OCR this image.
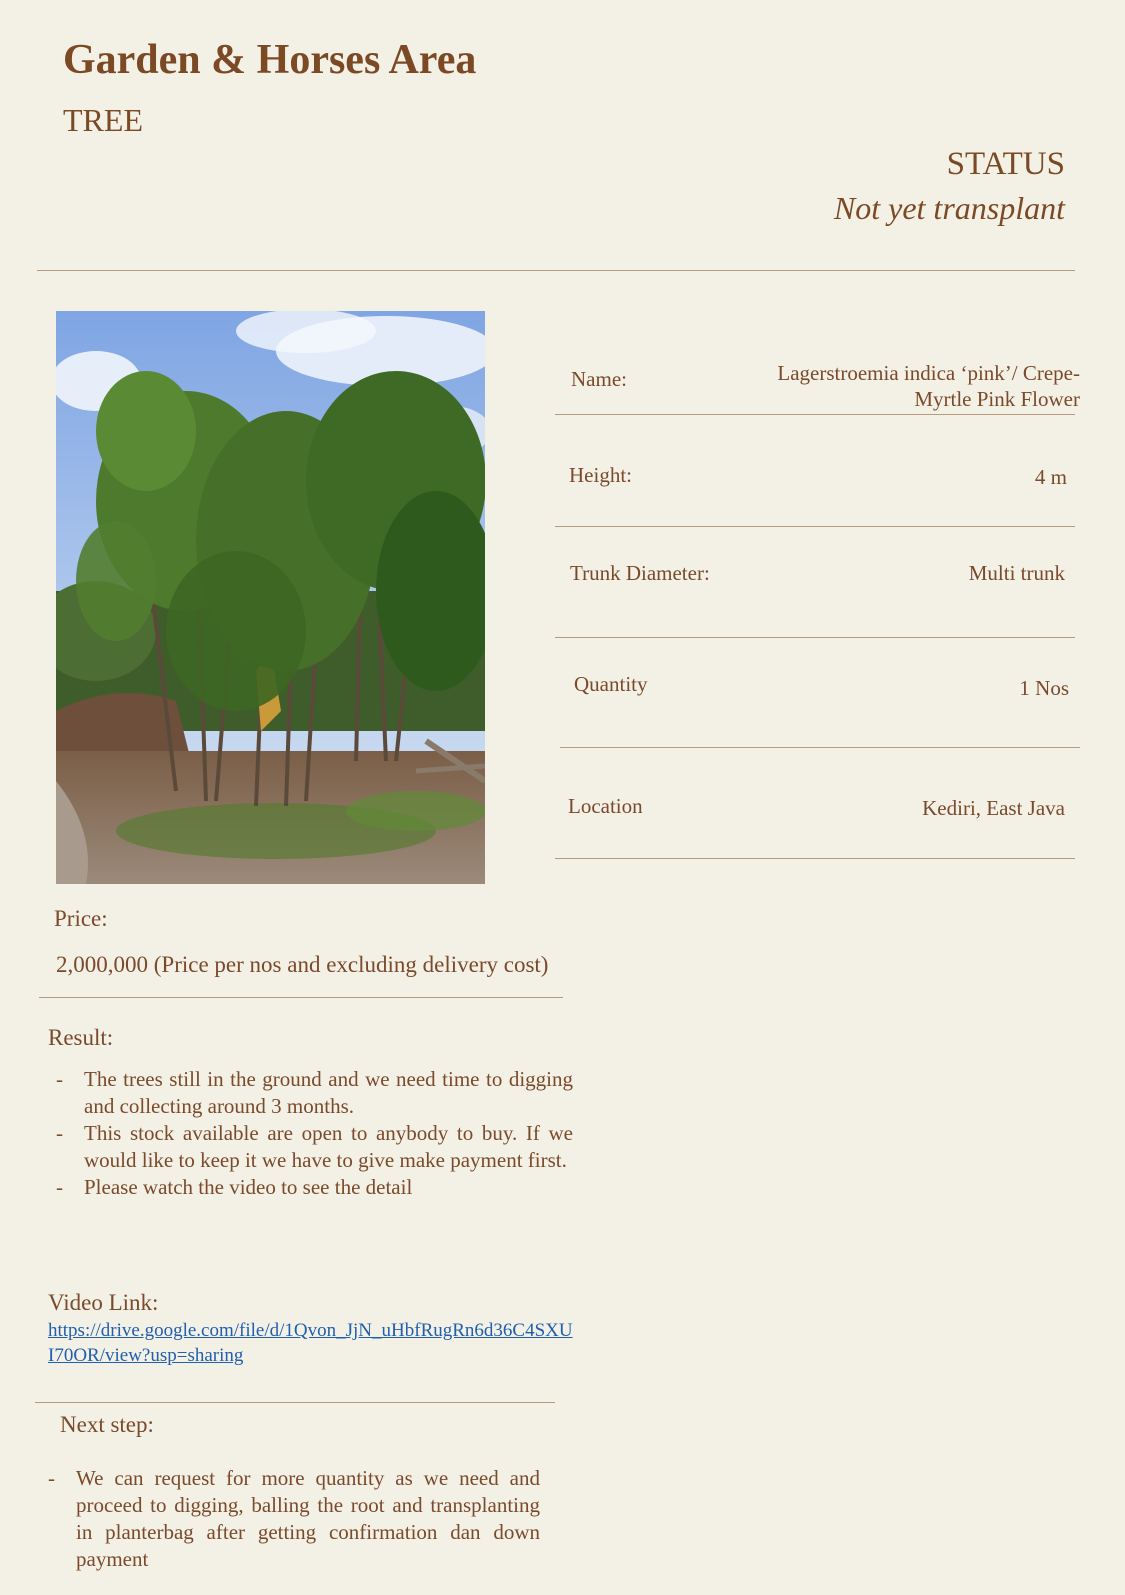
Garden & Horses Area
TREE
STATUS
Not yet transplant
Name:	Lagerstroemia indica ‘pink’/ Crepe-Myrtle Pink Flower
Height:	4 m
Trunk Diameter:	Multi trunk
Quantity	1 Nos
Location	Kediri, East Java
Price:
2,000,000 (Price per nos and excluding delivery cost)
Result:
- The trees still in the ground and we need time to digging and collecting around 3 months.
- This stock available are open to anybody to buy. If we would like to keep it we have to give make payment first.
- Please watch the video to see the detail
Video Link:
https://drive.google.com/file/d/1Qvon_JjN_uHbfRugRn6d36C4SXUI70OR/view?usp=sharing
Next step:
- We can request for more quantity as we need and proceed to digging, balling the root and transplanting in planterbag after getting confirmation dan down payment
